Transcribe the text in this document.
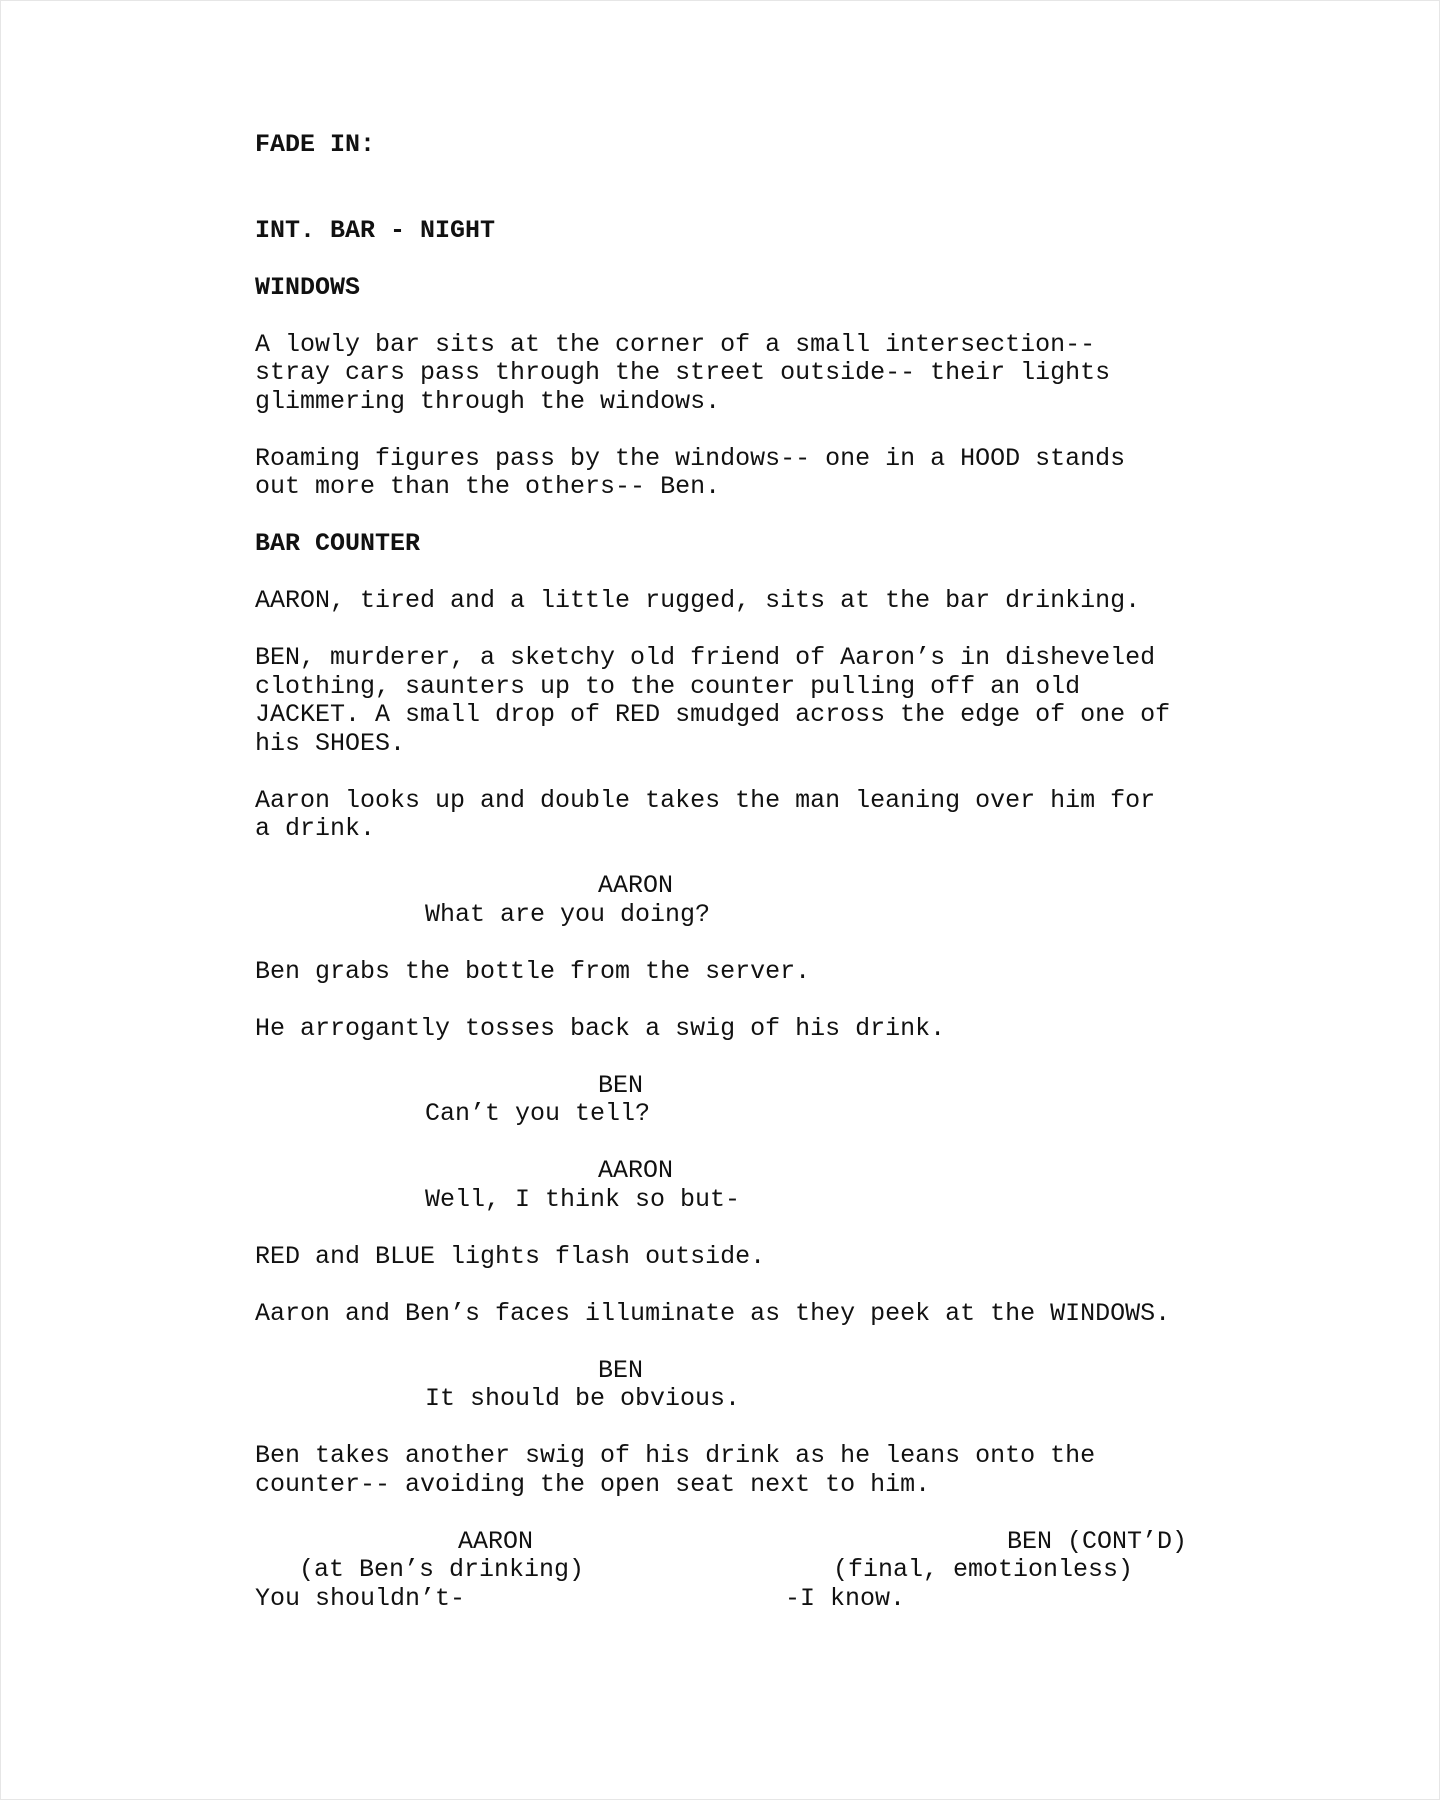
FADE IN:

INT. BAR - NIGHT

WINDOWS

A lowly bar sits at the corner of a small intersection--

stray cars pass through the street outside-- their lights

glimmering through the windows.

Roaming figures pass by the windows-- one in a HOOD stands

out more than the others-- Ben.

BAR COUNTER

AARON, tired and a little rugged, sits at the bar drinking.

BEN, murderer, a sketchy old friend of Aaron’s in disheveled

clothing, saunters up to the counter pulling off an old

JACKET. A small drop of RED smudged across the edge of one of

his SHOES.

Aaron looks up and double takes the man leaning over him for

a drink.

AARON

What are you doing?

Ben grabs the bottle from the server.

He arrogantly tosses back a swig of his drink.

BEN

Can’t you tell?

AARON

Well, I think so but-

RED and BLUE lights flash outside.

Aaron and Ben’s faces illuminate as they peek at the WINDOWS.

BEN

It should be obvious.

Ben takes another swig of his drink as he leans onto the

counter-- avoiding the open seat next to him.

AARON

(at Ben’s drinking)

You shouldn’t-

BEN (CONT’D)

(final, emotionless)

-I know.
